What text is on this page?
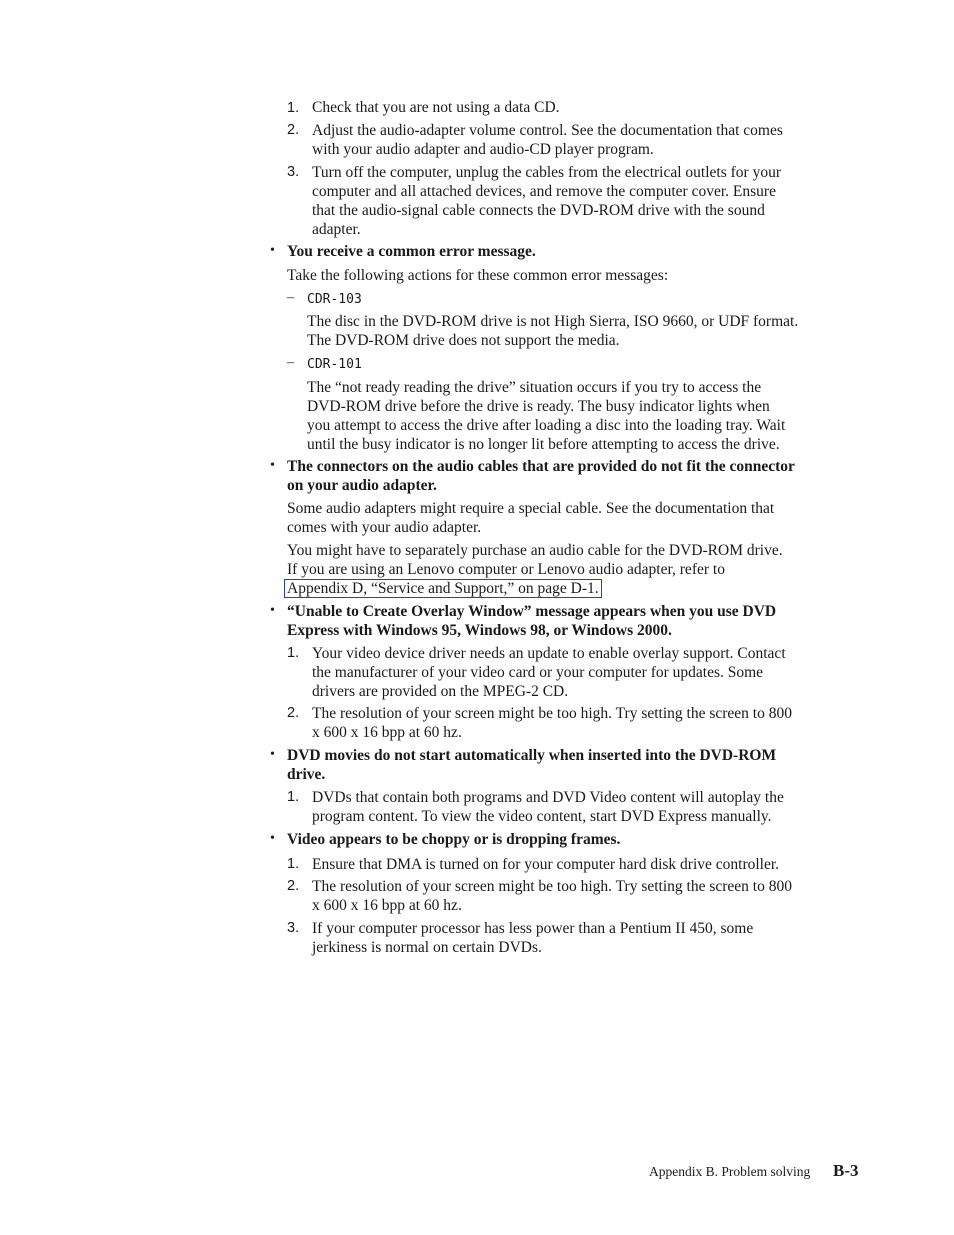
1. Check that you are not using a data CD.
2. Adjust the audio-adapter volume control. See the documentation that comes
with your audio adapter and audio-CD player program.
3. Turn off the computer, unplug the cables from the electrical outlets for your
computer and all attached devices, and remove the computer cover. Ensure
that the audio-signal cable connects the DVD-ROM drive with the sound
adapter.
• You receive a common error message.
Take the following actions for these common error messages:
– CDR-103
The disc in the DVD-ROM drive is not High Sierra, ISO 9660, or UDF format.
The DVD-ROM drive does not support the media.
– CDR-101
The “not ready reading the drive” situation occurs if you try to access the
DVD-ROM drive before the drive is ready. The busy indicator lights when
you attempt to access the drive after loading a disc into the loading tray. Wait
until the busy indicator is no longer lit before attempting to access the drive.
• The connectors on the audio cables that are provided do not fit the connector
on your audio adapter.
Some audio adapters might require a special cable. See the documentation that
comes with your audio adapter.
You might have to separately purchase an audio cable for the DVD-ROM drive.
If you are using an Lenovo computer or Lenovo audio adapter, refer to
Appendix D, “Service and Support,” on page D-1.
• “Unable to Create Overlay Window” message appears when you use DVD
Express with Windows 95, Windows 98, or Windows 2000.
1. Your video device driver needs an update to enable overlay support. Contact
the manufacturer of your video card or your computer for updates. Some
drivers are provided on the MPEG-2 CD.
2. The resolution of your screen might be too high. Try setting the screen to 800
x 600 x 16 bpp at 60 hz.
• DVD movies do not start automatically when inserted into the DVD-ROM
drive.
1. DVDs that contain both programs and DVD Video content will autoplay the
program content. To view the video content, start DVD Express manually.
• Video appears to be choppy or is dropping frames.
1. Ensure that DMA is turned on for your computer hard disk drive controller.
2. The resolution of your screen might be too high. Try setting the screen to 800
x 600 x 16 bpp at 60 hz.
3. If your computer processor has less power than a Pentium II 450, some
jerkiness is normal on certain DVDs.
Appendix B. Problem solving B-3
